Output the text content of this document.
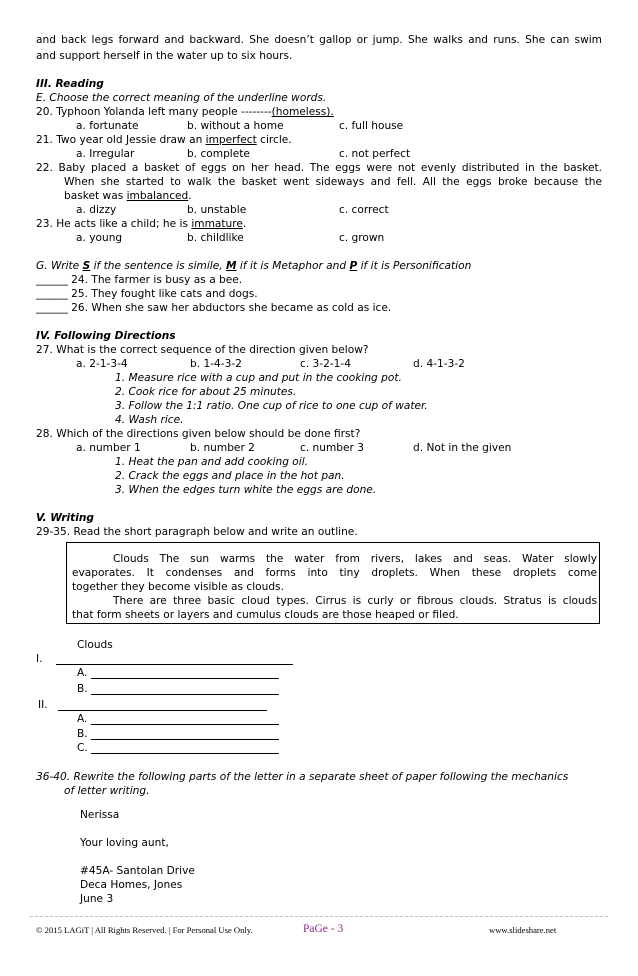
and back legs forward and backward. She doesn’t gallop or jump. She walks and runs. She can swim
and support herself in the water up to six hours.
III. Reading
E. Choose the correct meaning of the underline words.
20. Typhoon Yolanda left many people --------(homeless).
a. fortunate	b. without a home	c. full house
21. Two year old Jessie draw an imperfect circle.
a. Irregular	b. complete	c. not perfect
22. Baby placed a basket of eggs on her head. The eggs were not evenly distributed in the basket.
When she started to walk the basket went sideways and fell. All the eggs broke because the
basket was imbalanced.
a. dizzy	b. unstable	c. correct
23. He acts like a child; he is immature.
a. young	b. childlike	c. grown
G. Write S if the sentence is simile, M if it is Metaphor and P if it is Personification
______ 24. The farmer is busy as a bee.
______ 25. They fought like cats and dogs.
______ 26. When she saw her abductors she became as cold as ice.
IV. Following Directions
27. What is the correct sequence of the direction given below?
a. 2-1-3-4	b. 1-4-3-2	c. 3-2-1-4	d. 4-1-3-2
1. Measure rice with a cup and put in the cooking pot.
2. Cook rice for about 25 minutes.
3. Follow the 1:1 ratio. One cup of rice to one cup of water.
4. Wash rice.
28. Which of the directions given below should be done first?
a. number 1	b. number 2	c. number 3	d. Not in the given
1. Heat the pan and add cooking oil.
2. Crack the eggs and place in the hot pan.
3. When the edges turn white the eggs are done.
V. Writing
29-35. Read the short paragraph below and write an outline.
Clouds The sun warms the water from rivers, lakes and seas. Water slowly
evaporates. It condenses and forms into tiny droplets. When these droplets come
together they become visible as clouds.
There are three basic cloud types. Cirrus is curly or fibrous clouds. Stratus is clouds
that form sheets or layers and cumulus clouds are those heaped or filed.
Clouds
I.
A.
B.
II.
A.
B.
C.
36-40. Rewrite the following parts of the letter in a separate sheet of paper following the mechanics
of letter writing.
Nerissa
Your loving aunt,
#45A- Santolan Drive
Deca Homes, Jones
June 3
© 2015 LAGiT | All Rights Reserved. | For Personal Use Only.	PaGe - 3	www.slideshare.net
